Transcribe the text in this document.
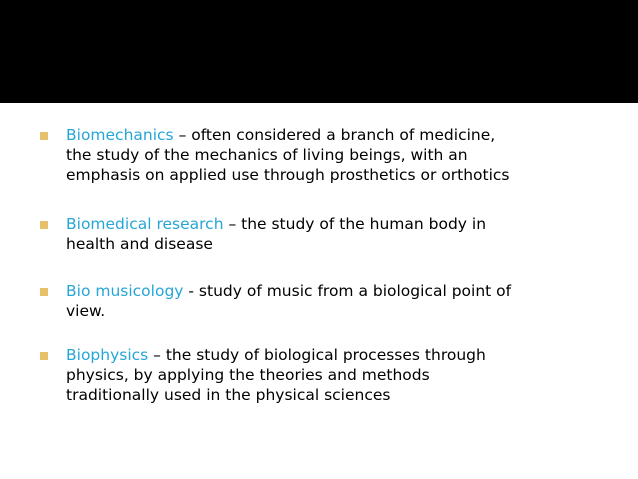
Biomechanics – often considered a branch of medicine,
the study of the mechanics of living beings, with an
emphasis on applied use through prosthetics or orthotics
Biomedical research – the study of the human body in
health and disease
Bio musicology - study of music from a biological point of
view.
Biophysics – the study of biological processes through
physics, by applying the theories and methods
traditionally used in the physical sciences
